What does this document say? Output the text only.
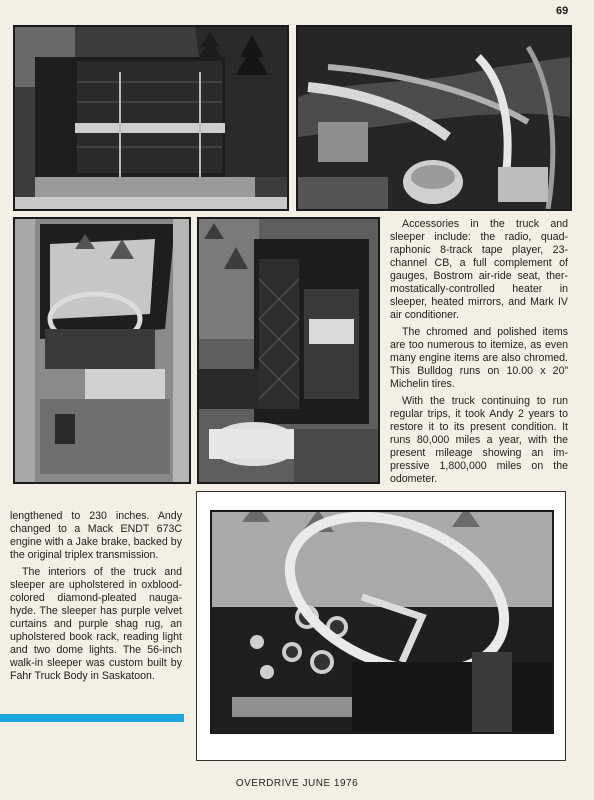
69

Accessories in the truck and sleeper include: the radio, quad-raphonic 8-track tape player, 23-channel CB, a full complement of gauges, Bostrom air-ride seat, ther-mostatically-controlled heater in sleeper, heated mirrors, and Mark IV air conditioner.

The chromed and polished items are too numerous to itemize, as even many engine items are also chromed. This Bulldog runs on 10.00 x 20” Michelin tires.

With the truck continuing to run regular trips, it took Andy 2 years to restore it to its present condition. It runs 80,000 miles a year, with the present mileage showing an im-pressive 1,800,000 miles on the odometer.

lengthened to 230 inches. Andy changed to a Mack ENDT 673C engine with a Jake brake, backed by the original triplex transmission.

The interiors of the truck and sleeper are upholstered in oxblood-colored diamond-pleated nauga-hyde. The sleeper has purple velvet curtains and purple shag rug, an upholstered book rack, reading light and two dome lights. The 56-inch walk-in sleeper was custom built by Fahr Truck Body in Saskatoon.

OVERDRIVE JUNE 1976
